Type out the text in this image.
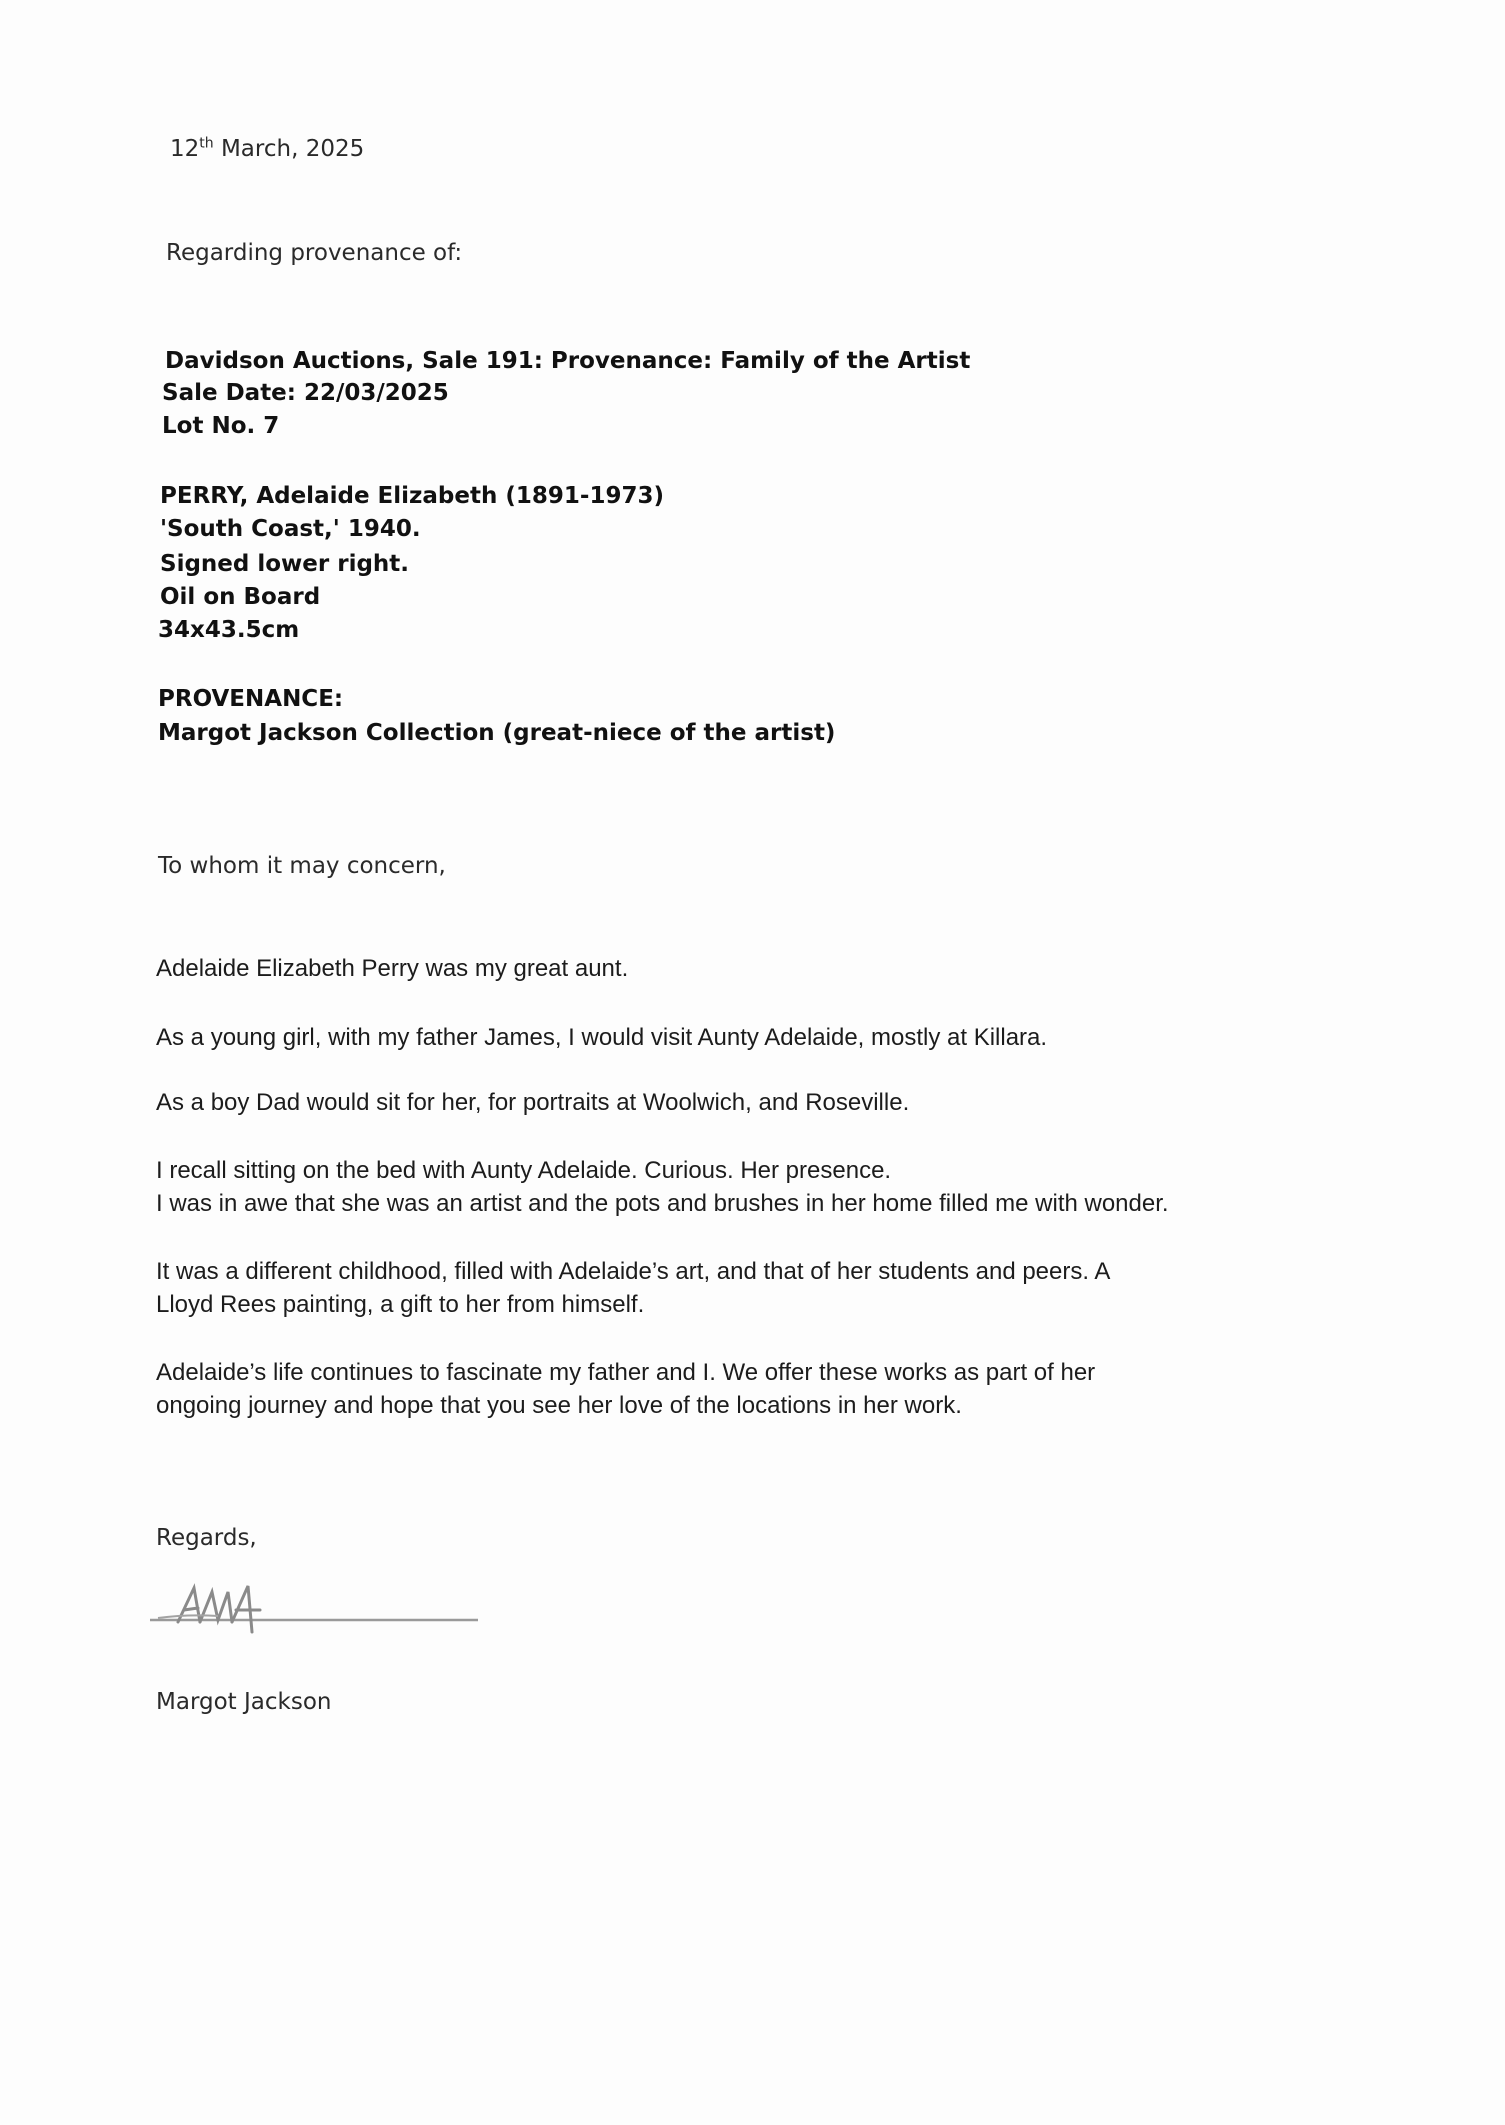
12th March, 2025

Regarding provenance of:

Davidson Auctions, Sale 191: Provenance: Family of the Artist

Sale Date: 22/03/2025

Lot No. 7

PERRY, Adelaide Elizabeth (1891-1973)

'South Coast,' 1940.

Signed lower right.

Oil on Board

34x43.5cm

PROVENANCE:

Margot Jackson Collection (great-niece of the artist)

To whom it may concern,

Adelaide Elizabeth Perry was my great aunt.

As a young girl, with my father James, I would visit Aunty Adelaide, mostly at Killara.

As a boy Dad would sit for her, for portraits at Woolwich, and Roseville.

I recall sitting on the bed with Aunty Adelaide. Curious. Her presence.

I was in awe that she was an artist and the pots and brushes in her home filled me with wonder.

It was a different childhood, filled with Adelaide’s art, and that of her students and peers. A

Lloyd Rees painting, a gift to her from himself.

Adelaide’s life continues to fascinate my father and I. We offer these works as part of her

ongoing journey and hope that you see her love of the locations in her work.

Regards,

Margot Jackson
